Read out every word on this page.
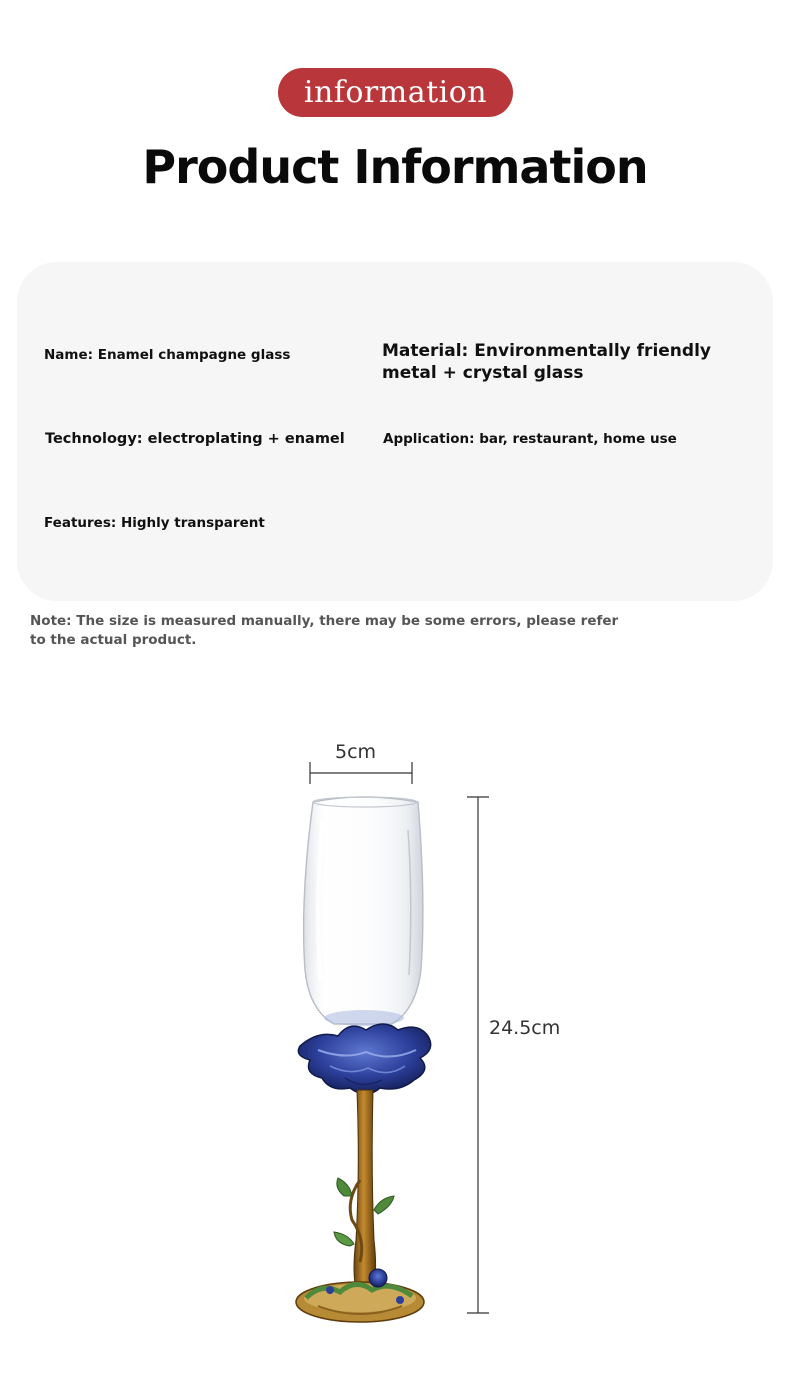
information
Product Information
Name: Enamel champagne glass	Material: Environmentally friendly metal + crystal glass
Technology: electroplating + enamel	Application: bar, restaurant, home use
Features: Highly transparent
Note: The size is measured manually, there may be some errors, please refer to the actual product.
5cm
24.5cm
